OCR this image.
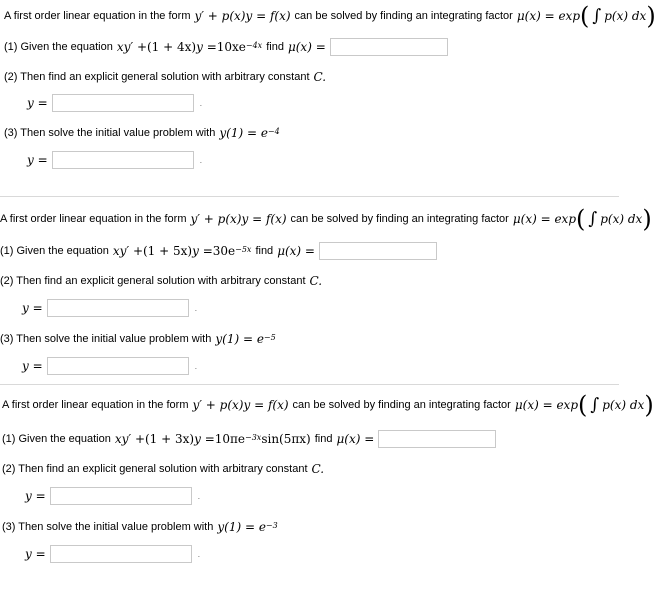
A first order linear equation in the form y′ + p(x)y = f(x) can be solved by finding an integrating factor μ(x) = exp ( ∫ p(x) dx )
(1) Given the equation xy′ + (1 + 4x) y = 10xe −4x find μ(x) =
(2) Then find an explicit general solution with arbitrary constant C.
y =	.
(3) Then solve the initial value problem with y(1) = e −4
y =	.
A first order linear equation in the form y′ + p(x)y = f(x) can be solved by finding an integrating factor μ(x) = exp ( ∫ p(x) dx )
(1) Given the equation xy′ + (1 + 5x) y = 30e −5x find μ(x) =
(2) Then find an explicit general solution with arbitrary constant C.
y =	.
(3) Then solve the initial value problem with y(1) = e −5
y =	.
A first order linear equation in the form y′ + p(x)y = f(x) can be solved by finding an integrating factor μ(x) = exp ( ∫ p(x) dx )
(1) Given the equation xy′ + (1 + 3x) y = 10πe −3x sin(5πx) find μ(x) =
(2) Then find an explicit general solution with arbitrary constant C.
y =	.
(3) Then solve the initial value problem with y(1) = e −3
y =	.
